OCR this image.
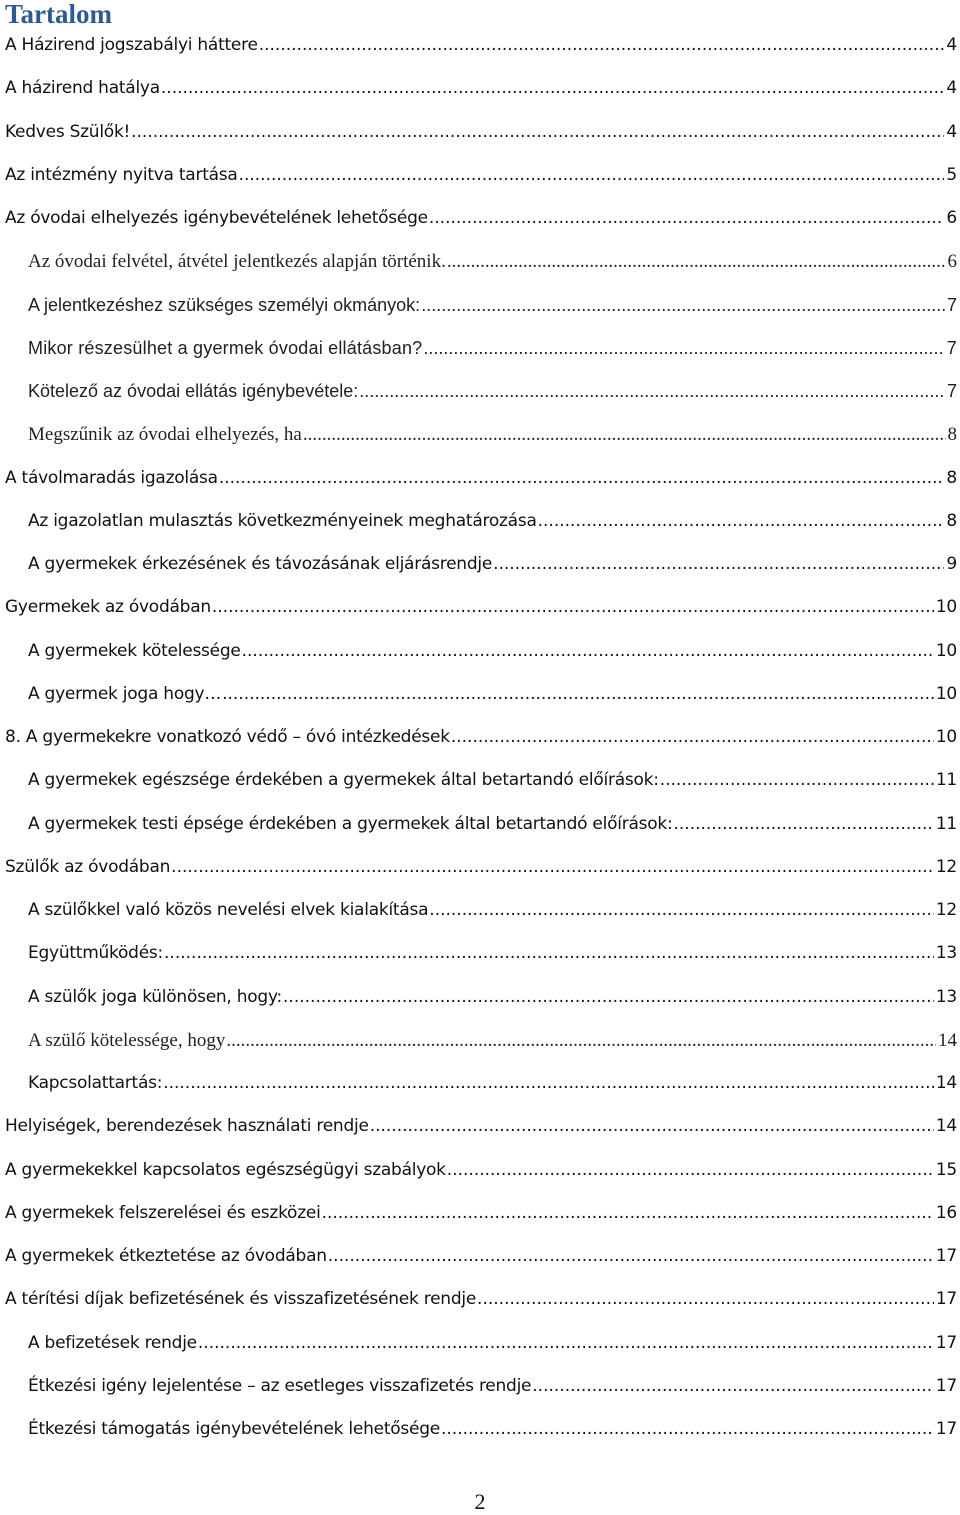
Tartalom
A Házirend jogszabályi háttere .....	4
A házirend hatálya .....	4
Kedves Szülők! .....	4
Az intézmény nyitva tartása .....	5
Az óvodai elhelyezés igénybevételének lehetősége .....	6
Az óvodai felvétel, átvétel jelentkezés alapján történik. .....	6
A jelentkezéshez szükséges személyi okmányok: .....	7
Mikor részesülhet a gyermek óvodai ellátásban? .....	7
Kötelező az óvodai ellátás igénybevétele: .....	7
Megszűnik az óvodai elhelyezés, ha .....	8
A távolmaradás igazolása .....	8
Az igazolatlan mulasztás következményeinek meghatározása .....	8
A gyermekek érkezésének és távozásának eljárásrendje .....	9
Gyermekek az óvodában .....	10
A gyermekek kötelessége .....	10
A gyermek joga hogy… .....	10
8. A gyermekekre vonatkozó védő – óvó intézkedések .....	10
A gyermekek egészsége érdekében a gyermekek által betartandó előírások: .....	11
A gyermekek testi épsége érdekében a gyermekek által betartandó előírások: .....	11
Szülők az óvodában .....	12
A szülőkkel való közös nevelési elvek kialakítása .....	12
Együttműködés: .....	13
A szülők joga különösen, hogy: .....	13
A szülő kötelessége, hogy .....	14
Kapcsolattartás: .....	14
Helyiségek, berendezések használati rendje .....	14
A gyermekekkel kapcsolatos egészségügyi szabályok .....	15
A gyermekek felszerelései és eszközei .....	16
A gyermekek étkeztetése az óvodában .....	17
A térítési díjak befizetésének és visszafizetésének rendje .....	17
A befizetések rendje .....	17
Étkezési igény lejelentése – az esetleges visszafizetés rendje .....	17
Étkezési támogatás igénybevételének lehetősége .....	17
2
